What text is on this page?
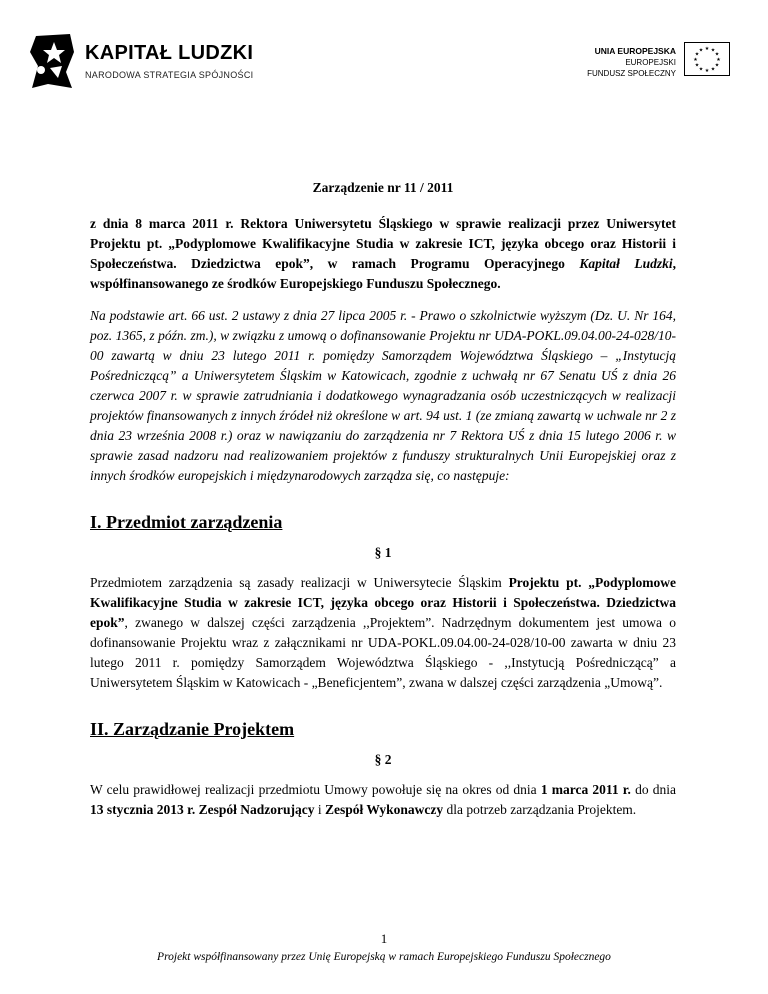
KAPITAŁ LUDZKI
NARODOWA STRATEGIA SPÓJNOŚCI
UNIA EUROPEJSKA
EUROPEJSKI
FUNDUSZ SPOŁECZNY
★ ★
★
★
★
★
★
★
★
★
★
★

Zarządzenie nr 11 / 2011

z dnia 8 marca 2011 r. Rektora Uniwersytetu Śląskiego w sprawie realizacji przez Uniwersytet Projektu pt. „Podyplomowe Kwalifikacyjne Studia w zakresie ICT, języka obcego oraz Historii i Społeczeństwa. Dziedzictwa epok”, w ramach Programu Operacyjnego Kapitał Ludzki, współfinansowanego ze środków Europejskiego Funduszu Społecznego.

Na podstawie art. 66 ust. 2 ustawy z dnia 27 lipca 2005 r. - Prawo o szkolnictwie wyższym (Dz. U. Nr 164, poz. 1365, z późn. zm.), w związku z umową o dofinansowanie Projektu nr UDA-POKL.09.04.00-24-028/10-00 zawartą w dniu 23 lutego 2011 r. pomiędzy Samorządem Województwa Śląskiego – „Instytucją Pośredniczącą” a Uniwersytetem Śląskim w Katowicach, zgodnie z uchwałą nr 67 Senatu UŚ z dnia 26 czerwca 2007 r. w sprawie zatrudniania i dodatkowego wynagradzania osób uczestniczących w realizacji projektów finansowanych z innych źródeł niż określone w art. 94 ust. 1 (ze zmianą zawartą w uchwale nr 2 z dnia 23 września 2008 r.) oraz w nawiązaniu do zarządzenia nr 7 Rektora UŚ z dnia 15 lutego 2006 r. w sprawie zasad nadzoru nad realizowaniem projektów z funduszy strukturalnych Unii Europejskiej oraz z innych środków europejskich i międzynarodowych zarządza się, co następuje:

I. Przedmiot zarządzenia
§ 1

Przedmiotem zarządzenia są zasady realizacji w Uniwersytecie Śląskim Projektu pt. „Podyplomowe Kwalifikacyjne Studia w zakresie ICT, języka obcego oraz Historii i Społeczeństwa. Dziedzictwa epok”, zwanego w dalszej części zarządzenia ,,Projektem”. Nadrzędnym dokumentem jest umowa o dofinansowanie Projektu wraz z załącznikami nr UDA-POKL.09.04.00-24-028/10-00 zawarta w dniu 23 lutego 2011 r. pomiędzy Samorządem Województwa Śląskiego - ,,Instytucją Pośredniczącą” a Uniwersytetem Śląskim w Katowicach - „Beneficjentem”, zwana w dalszej części zarządzenia „Umową”.

II. Zarządzanie Projektem
§ 2

W celu prawidłowej realizacji przedmiotu Umowy powołuje się na okres od dnia 1 marca 2011 r. do dnia 13 stycznia 2013 r. Zespół Nadzorujący i Zespół Wykonawczy dla potrzeb zarządzania Projektem.

1
Projekt współfinansowany przez Unię Europejską w ramach Europejskiego Funduszu Społecznego
